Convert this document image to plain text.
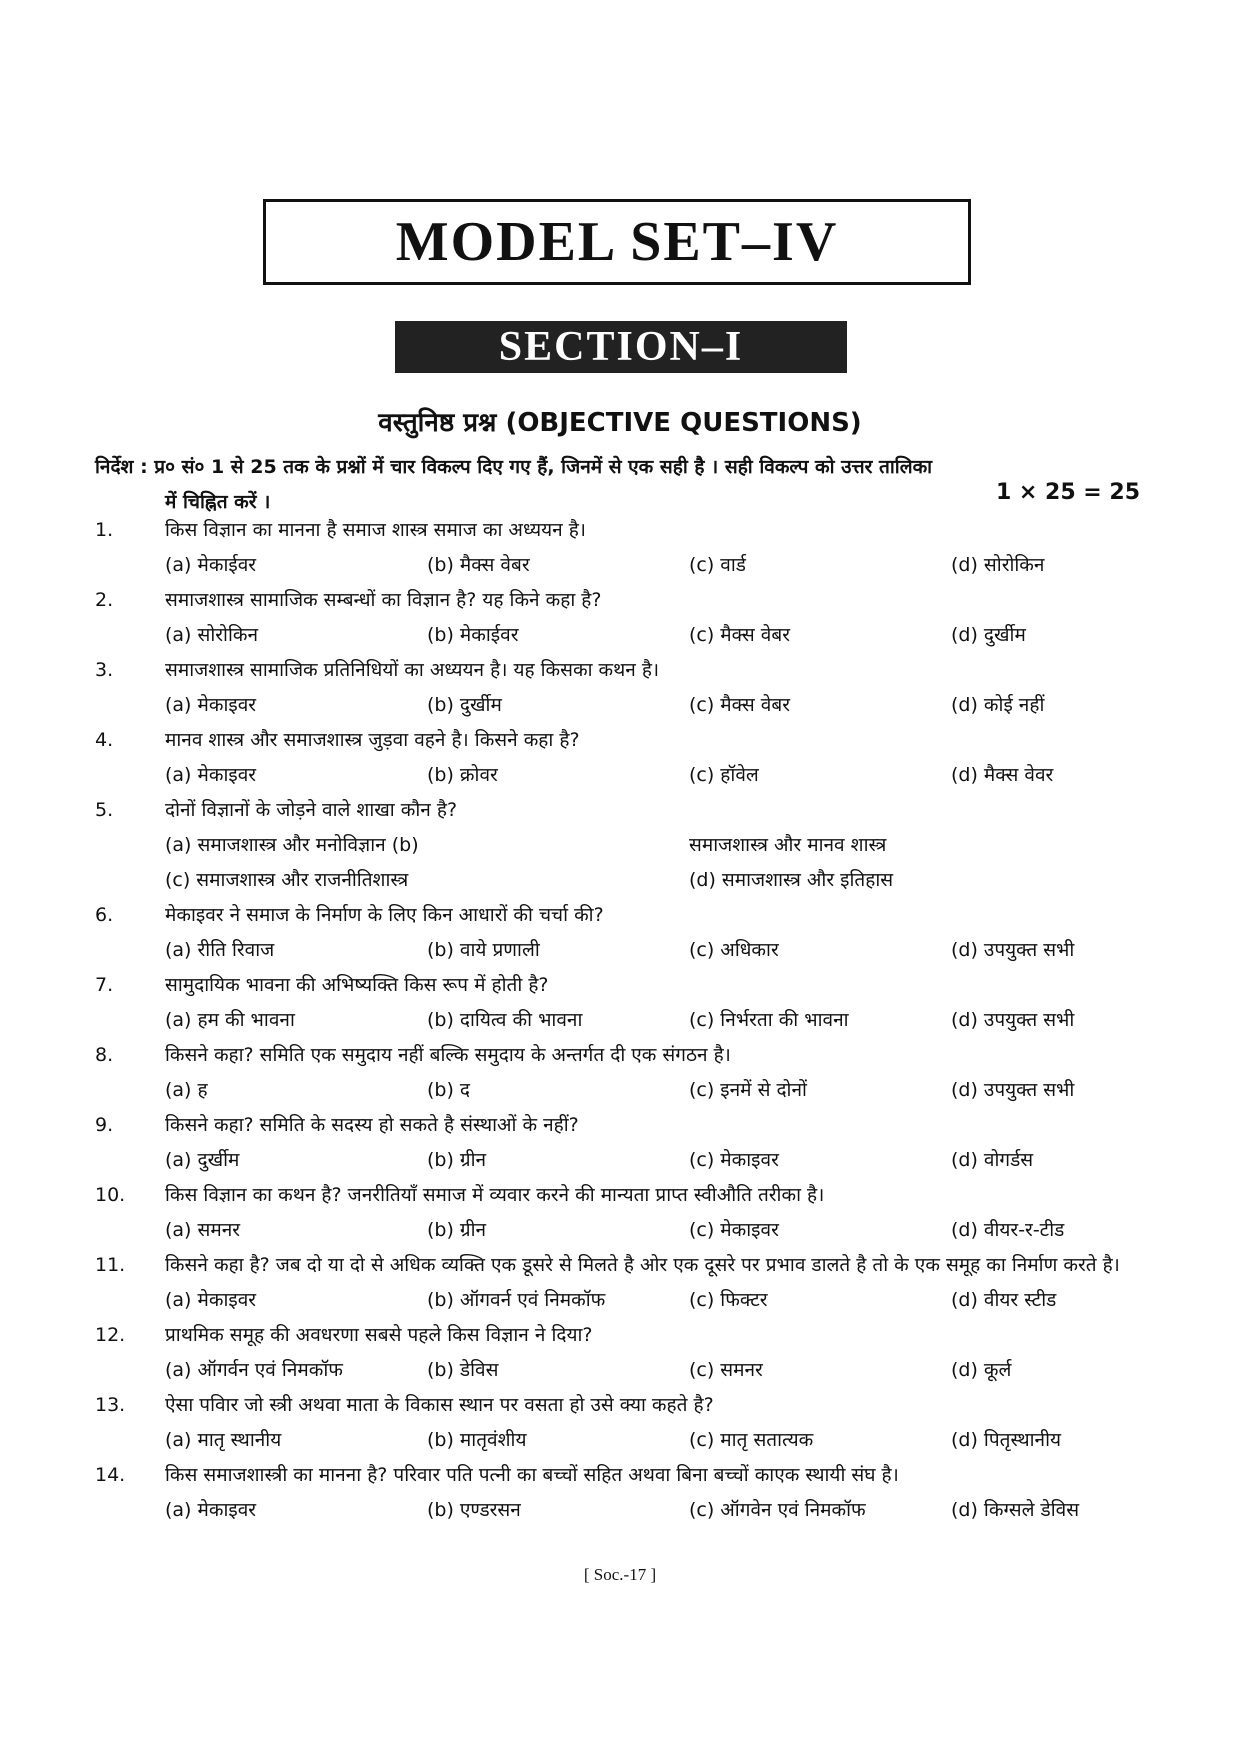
MODEL SET–IV
SECTION–I
वस्तुनिष्ठ प्रश्न (OBJECTIVE QUESTIONS)
निर्देश : प्र० सं० 1 से 25 तक के प्रश्नों में चार विकल्प दिए गए हैं, जिनमें से एक सही है । सही विकल्प को उत्तर तालिका
में चिह्नित करें ।	1 × 25 = 25
1.	किस विज्ञान का मानना है समाज शास्त्र समाज का अध्ययन है।
(a) मेकाईवर	(b) मैक्स वेबर	(c) वार्ड	(d) सोरोकिन
2.	समाजशास्त्र सामाजिक सम्बन्धों का विज्ञान है? यह किने कहा है?
(a) सोरोकिन	(b) मेकाईवर	(c) मैक्स वेबर	(d) दुर्खीम
3.	समाजशास्त्र सामाजिक प्रतिनिधियों का अध्ययन है। यह किसका कथन है।
(a) मेकाइवर	(b) दुर्खीम	(c) मैक्स वेबर	(d) कोई नहीं
4.	मानव शास्त्र और समाजशास्त्र जुड़वा वहने है। किसने कहा है?
(a) मेकाइवर	(b) क्रोवर	(c) हॉवेल	(d) मैक्स वेवर
5.	दोनों विज्ञानों के जोड़ने वाले शाखा कौन है?
(a) समाजशास्त्र और मनोविज्ञान (b)	समाजशास्त्र और मानव शास्त्र
(c) समाजशास्त्र और राजनीतिशास्त्र	(d) समाजशास्त्र और इतिहास
6.	मेकाइवर ने समाज के निर्माण के लिए किन आधारों की चर्चा की?
(a) रीति रिवाज	(b) वाये प्रणाली	(c) अधिकार	(d) उपयुक्त सभी
7.	सामुदायिक भावना की अभिष्यक्ति किस रूप में होती है?
(a) हम की भावना	(b) दायित्व की भावना	(c) निर्भरता की भावना	(d) उपयुक्त सभी
8.	किसने कहा? समिति एक समुदाय नहीं बल्कि समुदाय के अन्तर्गत दी एक संगठन है।
(a) ह	(b) द	(c) इनमें से दोनों	(d) उपयुक्त सभी
9.	किसने कहा? समिति के सदस्य हो सकते है संस्थाओं के नहीं?
(a) दुर्खीम	(b) ग्रीन	(c) मेकाइवर	(d) वोगर्डस
10.	किस विज्ञान का कथन है? जनरीतियाँ समाज में व्यवार करने की मान्यता प्राप्त स्वीऔति तरीका है।
(a) समनर	(b) ग्रीन	(c) मेकाइवर	(d) वीयर-र-टीड
11.	किसने कहा है? जब दो या दो से अधिक व्यक्ति एक डूसरे से मिलते है ओर एक दूसरे पर प्रभाव डालते है तो के एक समूह का निर्माण करते है।
(a) मेकाइवर	(b) ऑगवर्न एवं निमकॉफ	(c) फिक्टर	(d) वीयर स्टीड
12.	प्राथमिक समूह की अवधरणा सबसे पहले किस विज्ञान ने दिया?
(a) ऑगर्वन एवं निमकॉफ	(b) डेविस	(c) समनर	(d) कूर्ल
13.	ऐसा पविार जो स्त्री अथवा माता के विकास स्थान पर वसता हो उसे क्या कहते है?
(a) मातृ स्थानीय	(b) मातृवंशीय	(c) मातृ सतात्यक	(d) पितृस्थानीय
14.	किस समाजशास्त्री का मानना है? परिवार पति पत्नी का बच्चों सहित अथवा बिना बच्चों काएक स्थायी संघ है।
(a) मेकाइवर	(b) एण्डरसन	(c) ऑगवेन एवं निमकॉफ	(d) किग्सले डेविस
[ Soc.-17 ]
